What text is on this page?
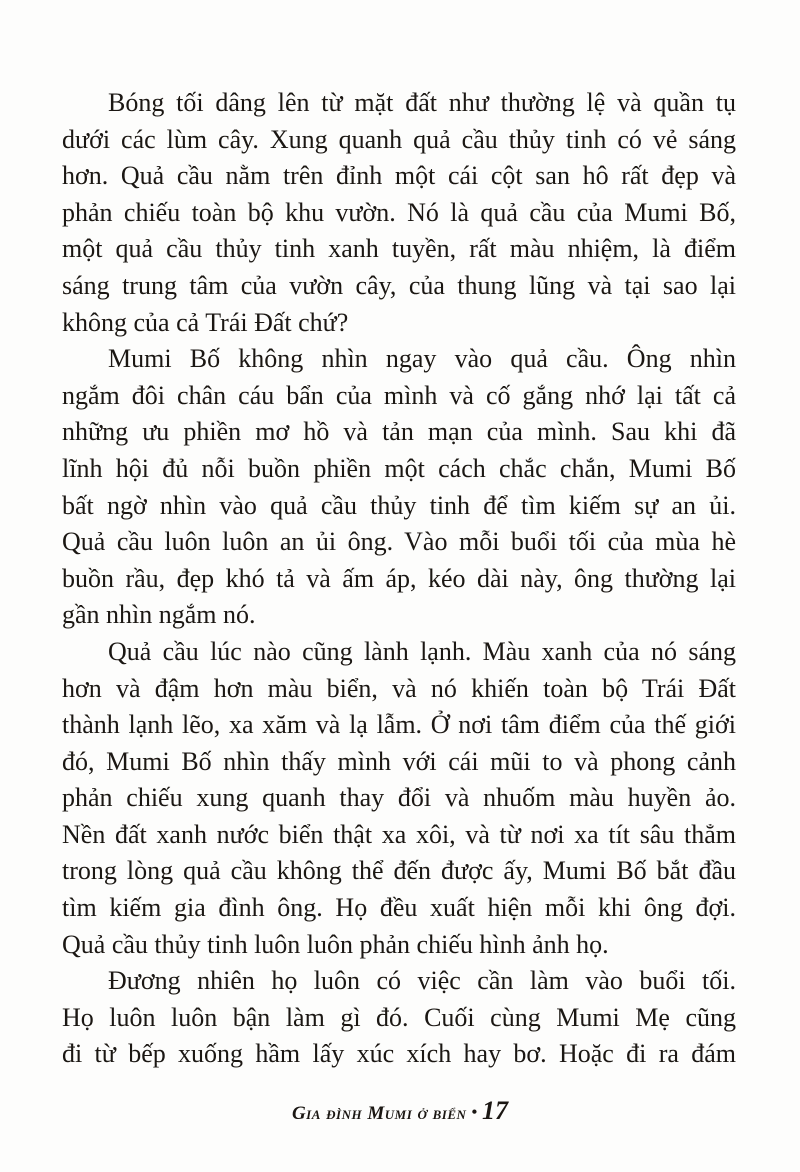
Bóng tối dâng lên từ mặt đất như thường lệ và quần tụ
dưới các lùm cây. Xung quanh quả cầu thủy tinh có vẻ sáng
hơn. Quả cầu nằm trên đỉnh một cái cột san hô rất đẹp và
phản chiếu toàn bộ khu vườn. Nó là quả cầu của Mumi Bố,
một quả cầu thủy tinh xanh tuyền, rất màu nhiệm, là điểm
sáng trung tâm của vườn cây, của thung lũng và tại sao lại
không của cả Trái Đất chứ?
Mumi Bố không nhìn ngay vào quả cầu. Ông nhìn
ngắm đôi chân cáu bẩn của mình và cố gắng nhớ lại tất cả
những ưu phiền mơ hồ và tản mạn của mình. Sau khi đã
lĩnh hội đủ nỗi buồn phiền một cách chắc chắn, Mumi Bố
bất ngờ nhìn vào quả cầu thủy tinh để tìm kiếm sự an ủi.
Quả cầu luôn luôn an ủi ông. Vào mỗi buổi tối của mùa hè
buồn rầu, đẹp khó tả và ấm áp, kéo dài này, ông thường lại
gần nhìn ngắm nó.
Quả cầu lúc nào cũng lành lạnh. Màu xanh của nó sáng
hơn và đậm hơn màu biển, và nó khiến toàn bộ Trái Đất
thành lạnh lẽo, xa xăm và lạ lẫm. Ở nơi tâm điểm của thế giới
đó, Mumi Bố nhìn thấy mình với cái mũi to và phong cảnh
phản chiếu xung quanh thay đổi và nhuốm màu huyền ảo.
Nền đất xanh nước biển thật xa xôi, và từ nơi xa tít sâu thẳm
trong lòng quả cầu không thể đến được ấy, Mumi Bố bắt đầu
tìm kiếm gia đình ông. Họ đều xuất hiện mỗi khi ông đợi.
Quả cầu thủy tinh luôn luôn phản chiếu hình ảnh họ.
Đương nhiên họ luôn có việc cần làm vào buổi tối.
Họ luôn luôn bận làm gì đó. Cuối cùng Mumi Mẹ cũng
đi từ bếp xuống hầm lấy xúc xích hay bơ. Hoặc đi ra đám
Gia đình Mumi ở biển • 17
